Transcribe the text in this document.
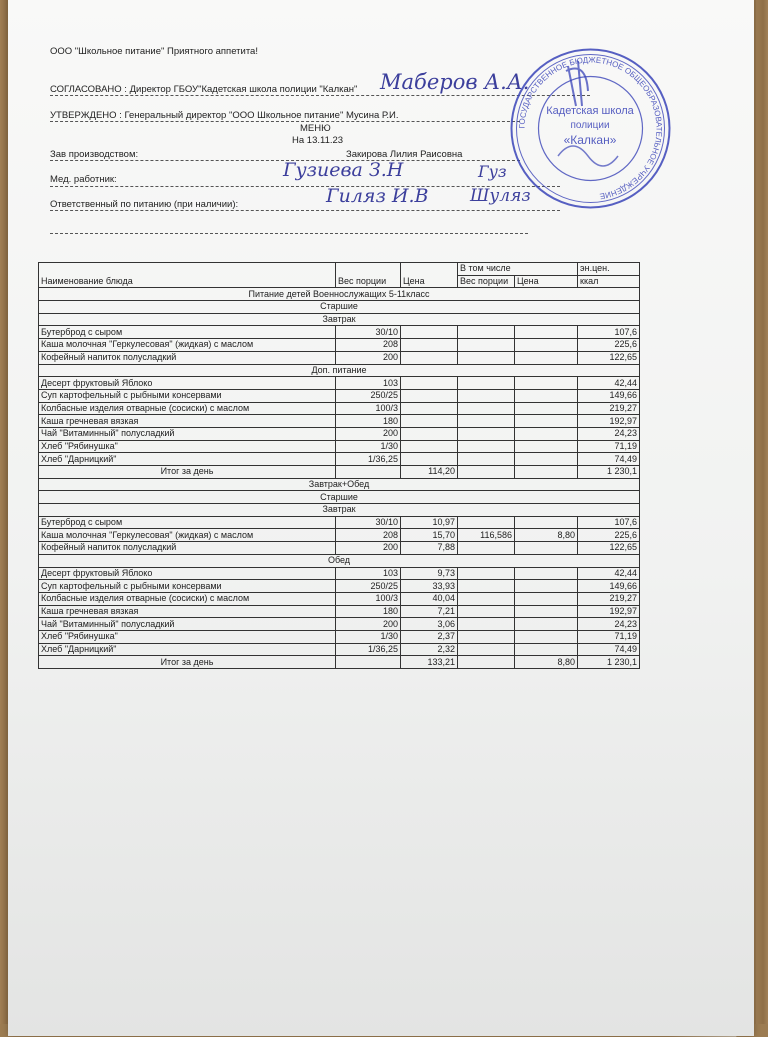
ООО "Школьное питание" Приятного аппетита!
СОГЛАСОВАНО : Директор ГБОУ"Кадетская школа полиции "Калкан" Маберов А.А.
УТВЕРЖДЕНО : Генеральный директор "ООО Школьное питание" Мусина Р.И.
МЕНЮ
На 13.11.23
Зав производством:	Закирова Лилия Раисовна
Мед. работник:	Гузиева З.Н	Гуз
Ответственный по питанию (при наличии):	Гиляз И.В Шуляз
Наименование блюда	Вес порции	Цена	В том числе		эн.цен.
			Вес порции	Цена	ккал
Питание детей Военнослужащих 5-11класс					
Старшие					
Завтрак					
Бутерброд с сыром	30/10				107,6
Каша молочная "Геркулесовая" (жидкая) с маслом	208				225,6
Кофейный напиток полусладкий	200				122,65
Доп. питание					
Десерт фруктовый Яблоко	103				42,44
Суп картофельный с рыбными консервами	250/25				149,66
Колбасные изделия отварные (сосиски) с маслом	100/3				219,27
Каша гречневая вязкая	180				192,97
Чай "Витаминный" полусладкий	200				24,23
Хлеб "Рябинушка"	1/30				71,19
Хлеб "Дарницкий"	1/36,25				74,49
Итог за день		114,20			1 230,1
Завтрак+Обед					
Старшие					
Завтрак					
Бутерброд с сыром	30/10	10,97			107,6
Каша молочная "Геркулесовая" (жидкая) с маслом	208	15,70	116,586	8,80	225,6
Кофейный напиток полусладкий	200	7,88			122,65
Обед					
Десерт фруктовый Яблоко	103	9,73			42,44
Суп картофельный с рыбными консервами	250/25	33,93			149,66
Колбасные изделия отварные (сосиски) с маслом	100/3	40,04			219,27
Каша гречневая вязкая	180	7,21			192,97
Чай "Витаминный" полусладкий	200	3,06			24,23
Хлеб "Рябинушка"	1/30	2,37			71,19
Хлеб "Дарницкий"	1/36,25	2,32			74,49
Итог за день		133,21		8,80	1 230,1
ГОСУДАРСТВЕННОЕ БЮДЖЕТНОЕ ОБЩЕОБРАЗОВАТЕЛЬНОЕ УЧРЕЖДЕНИЕ
Кадетская школа
полиции
«Калкан»
